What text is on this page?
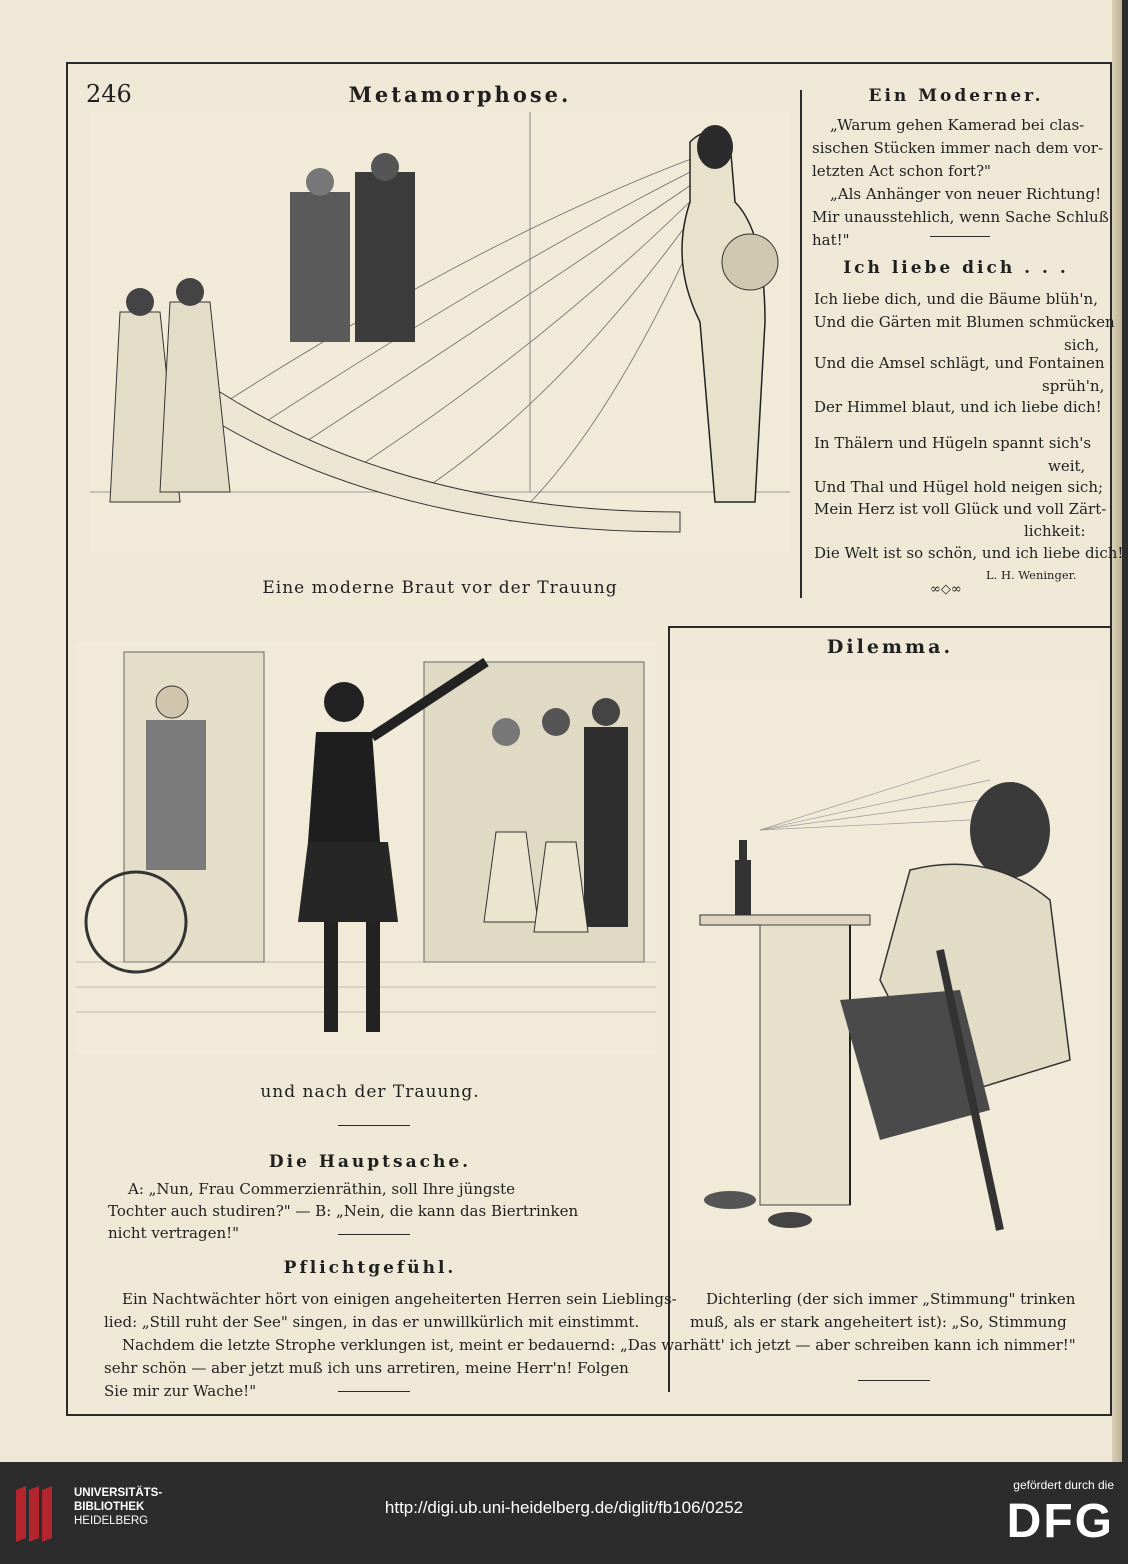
246	Metamorphose.
Eine moderne Braut vor der Trauung
Ein Moderner.
„Warum gehen Kamerad bei clas-
sischen Stücken immer nach dem vor-
letzten Act schon fort?"
„Als Anhänger von neuer Richtung!
Mir unausstehlich, wenn Sache Schluß
hat!"
Ich liebe dich . . .
Ich liebe dich, und die Bäume blüh'n,
Und die Gärten mit Blumen schmücken
sich,
Und die Amsel schlägt, und Fontainen
sprüh'n,
Der Himmel blaut, und ich liebe dich!
In Thälern und Hügeln spannt sich's
weit,
Und Thal und Hügel hold neigen sich;
Mein Herz ist voll Glück und voll Zärt-
lichkeit:
Die Welt ist so schön, und ich liebe dich!
L. H. Weninger.
∞◇∞
und nach der Trauung.
Die Hauptsache.
A: „Nun, Frau Commerzienräthin, soll Ihre jüngste
Tochter auch studiren?" — B: „Nein, die kann das Biertrinken
nicht vertragen!"
Pflichtgefühl.
Ein Nachtwächter hört von einigen angeheiterten Herren sein Lieblings-
lied: „Still ruht der See" singen, in das er unwillkürlich mit einstimmt.
Nachdem die letzte Strophe verklungen ist, meint er bedauernd: „Das war
sehr schön — aber jetzt muß ich uns arretiren, meine Herr'n! Folgen
Sie mir zur Wache!"
Dilemma.
Dichterling (der sich immer „Stimmung" trinken
muß, als er stark angeheitert ist): „So, Stimmung
hätt' ich jetzt — aber schreiben kann ich nimmer!"
UNIVERSITÄTS-
BIBLIOTHEK
HEIDELBERG
http://digi.ub.uni-heidelberg.de/diglit/fb106/0252
gefördert durch die
DFG
